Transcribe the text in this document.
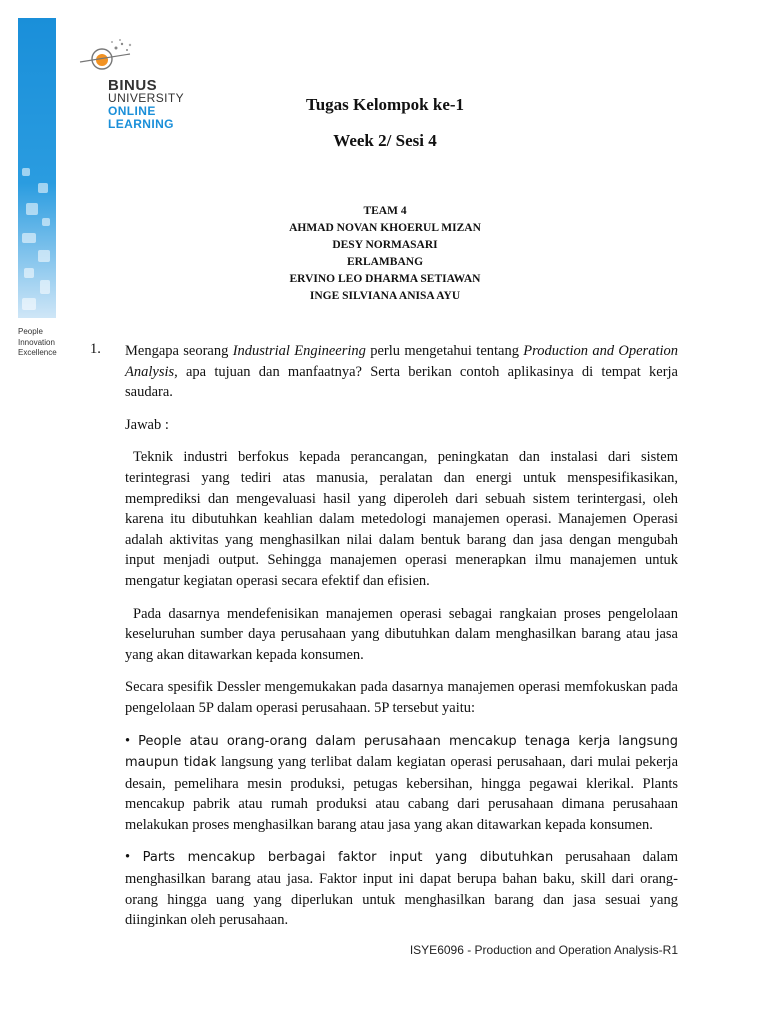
BINUS
UNIVERSITY
ONLINE
LEARNING
People
Innovation
Excellence
Tugas Kelompok ke-1
Week 2/ Sesi 4
TEAM 4
AHMAD NOVAN KHOERUL MIZAN
DESY NORMASARI
ERLAMBANG
ERVINO LEO DHARMA SETIAWAN
INGE SILVIANA ANISA AYU
1. Mengapa seorang Industrial Engineering perlu mengetahui tentang Production and Operation Analysis, apa tujuan dan manfaatnya? Serta berikan contoh aplikasinya di tempat kerja saudara.

Jawab :

Teknik industri berfokus kepada perancangan, peningkatan dan instalasi dari sistem terintegrasi yang tediri atas manusia, peralatan dan energi untuk menspesifikasikan, memprediksi dan mengevaluasi hasil yang diperoleh dari sebuah sistem terintergasi, oleh karena itu dibutuhkan keahlian dalam metedologi manajemen operasi. Manajemen Operasi adalah aktivitas yang menghasilkan nilai dalam bentuk barang dan jasa dengan mengubah input menjadi output. Sehingga manajemen operasi menerapkan ilmu manajemen untuk mengatur kegiatan operasi secara efektif dan efisien.

Pada dasarnya mendefenisikan manajemen operasi sebagai rangkaian proses pengelolaan keseluruhan sumber daya perusahaan yang dibutuhkan dalam menghasilkan barang atau jasa yang akan ditawarkan kepada konsumen.

Secara spesifik Dessler mengemukakan pada dasarnya manajemen operasi memfokuskan pada pengelolaan 5P dalam operasi perusahaan. 5P tersebut yaitu:

• People atau orang-orang dalam perusahaan mencakup tenaga kerja langsung maupun tidak langsung yang terlibat dalam kegiatan operasi perusahaan, dari mulai pekerja desain, pemelihara mesin produksi, petugas kebersihan, hingga pegawai klerikal. Plants mencakup pabrik atau rumah produksi atau cabang dari perusahaan dimana perusahaan melakukan proses menghasilkan barang atau jasa yang akan ditawarkan kepada konsumen.

• Parts mencakup berbagai faktor input yang dibutuhkan perusahaan dalam menghasilkan barang atau jasa. Faktor input ini dapat berupa bahan baku, skill dari orang-orang hingga uang yang diperlukan untuk menghasilkan barang dan jasa sesuai yang diinginkan oleh perusahaan.

ISYE6096 - Production and Operation Analysis-R1
